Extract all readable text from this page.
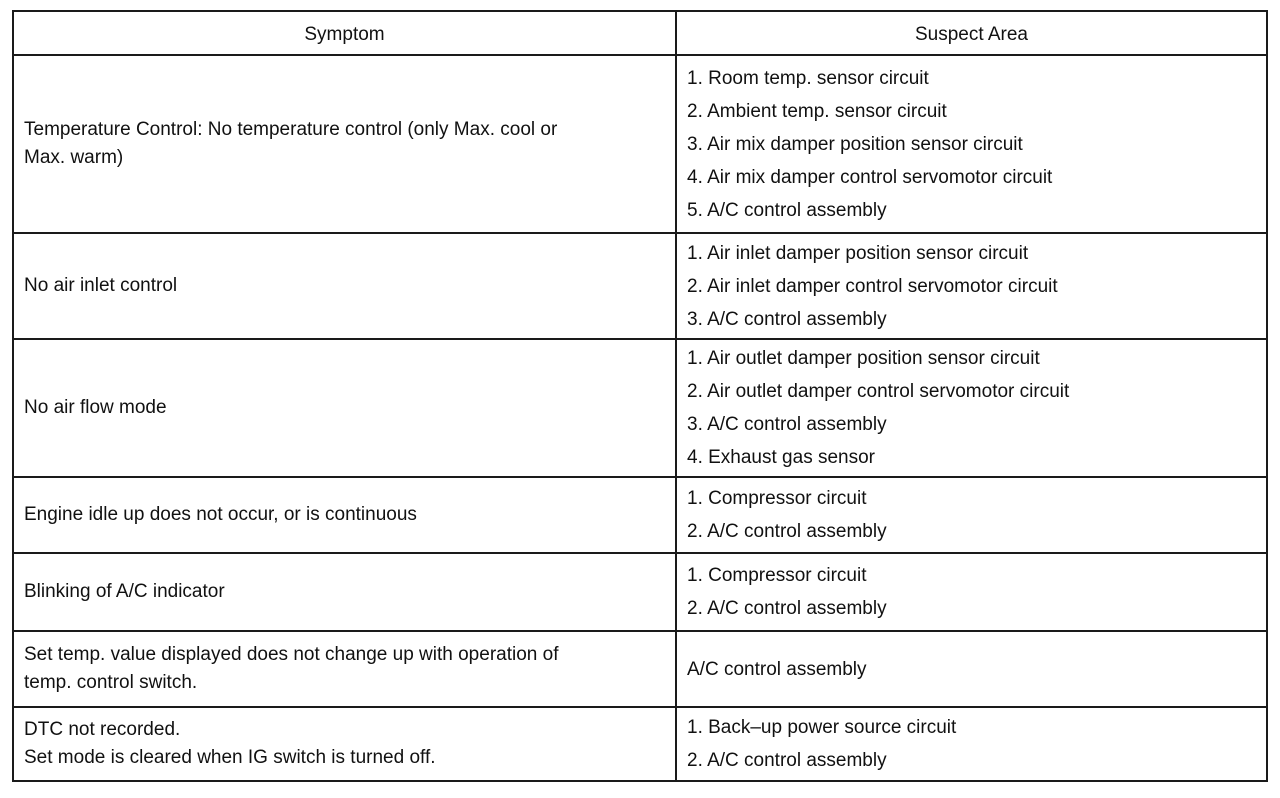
Symptom	Suspect Area

Temperature Control: No temperature control (only Max. cool or
Max. warm)	1. Room temp. sensor circuit
2. Ambient temp. sensor circuit
3. Air mix damper position sensor circuit
4. Air mix damper control servomotor circuit
5. A/C control assembly

No air inlet control	1. Air inlet damper position sensor circuit
2. Air inlet damper control servomotor circuit
3. A/C control assembly

No air flow mode	1. Air outlet damper position sensor circuit
2. Air outlet damper control servomotor circuit
3. A/C control assembly
4. Exhaust gas sensor

Engine idle up does not occur, or is continuous	1. Compressor circuit
2. A/C control assembly

Blinking of A/C indicator	1. Compressor circuit
2. A/C control assembly

Set temp. value displayed does not change up with operation of
temp. control switch.	A/C control assembly

DTC not recorded.
Set mode is cleared when IG switch is turned off.	1. Back–up power source circuit
2. A/C control assembly
